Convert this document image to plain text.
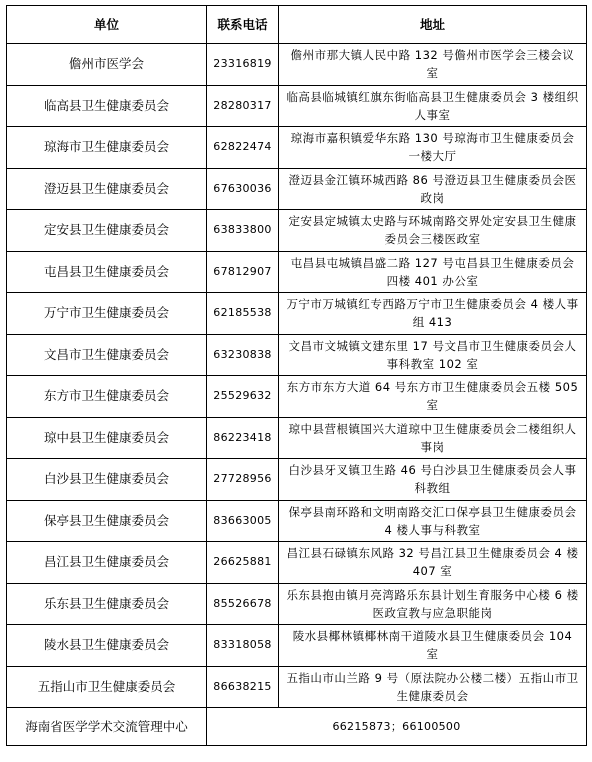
单位	联系电话	地址
儋州市医学会	23316819	儋州市那大镇人民中路 132 号儋州市医学会三楼会议室
临高县卫生健康委员会	28280317	临高县临城镇红旗东街临高县卫生健康委员会 3 楼组织人事室
琼海市卫生健康委员会	62822474	琼海市嘉积镇爱华东路 130 号琼海市卫生健康委员会一楼大厅
澄迈县卫生健康委员会	67630036	澄迈县金江镇环城西路 86 号澄迈县卫生健康委员会医政岗
定安县卫生健康委员会	63833800	定安县定城镇太史路与环城南路交界处定安县卫生健康委员会三楼医政室
屯昌县卫生健康委员会	67812907	屯昌县屯城镇昌盛二路 127 号屯昌县卫生健康委员会四楼 401 办公室
万宁市卫生健康委员会	62185538	万宁市万城镇红专西路万宁市卫生健康委员会 4 楼人事组 413
文昌市卫生健康委员会	63230838	文昌市文城镇文建东里 17 号文昌市卫生健康委员会人事科教室 102 室
东方市卫生健康委员会	25529632	东方市东方大道 64 号东方市卫生健康委员会五楼 505 室
琼中县卫生健康委员会	86223418	琼中县营根镇国兴大道琼中卫生健康委员会二楼组织人事岗
白沙县卫生健康委员会	27728956	白沙县牙叉镇卫生路 46 号白沙县卫生健康委员会人事科教组
保亭县卫生健康委员会	83663005	保亭县南环路和文明南路交汇口保亭县卫生健康委员会 4 楼人事与科教室
昌江县卫生健康委员会	26625881	昌江县石碌镇东风路 32 号昌江县卫生健康委员会 4 楼 407 室
乐东县卫生健康委员会	85526678	乐东县抱由镇月亮湾路乐东县计划生育服务中心楼 6 楼医政宣教与应急职能岗
陵水县卫生健康委员会	83318058	陵水县椰林镇椰林南干道陵水县卫生健康委员会 104 室
五指山市卫生健康委员会	86638215	五指山市山兰路 9 号（原法院办公楼二楼）五指山市卫生健康委员会
海南省医学学术交流管理中心	66215873；66100500	
